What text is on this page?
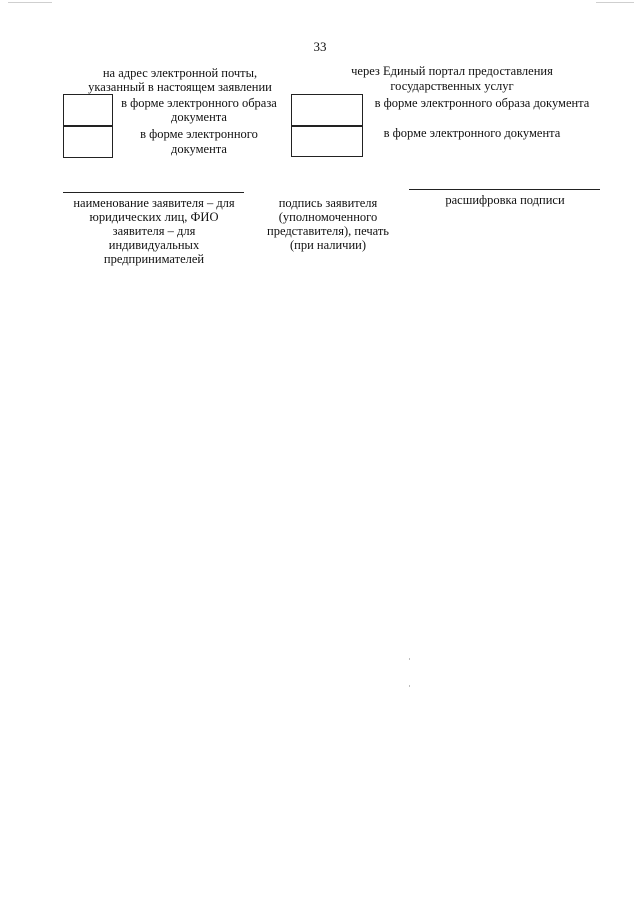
33
на адрес электронной почты,
указанный в настоящем заявлении
в форме электронного образа
документа
в форме электронного
документа
через Единый портал предоставления
государственных услуг
в форме электронного образа документа
в форме электронного документа
наименование заявителя – для
юридических лиц, ФИО
заявителя – для
индивидуальных
предпринимателей
подпись заявителя
(уполномоченного
представителя), печать
(при наличии)
расшифровка подписи
